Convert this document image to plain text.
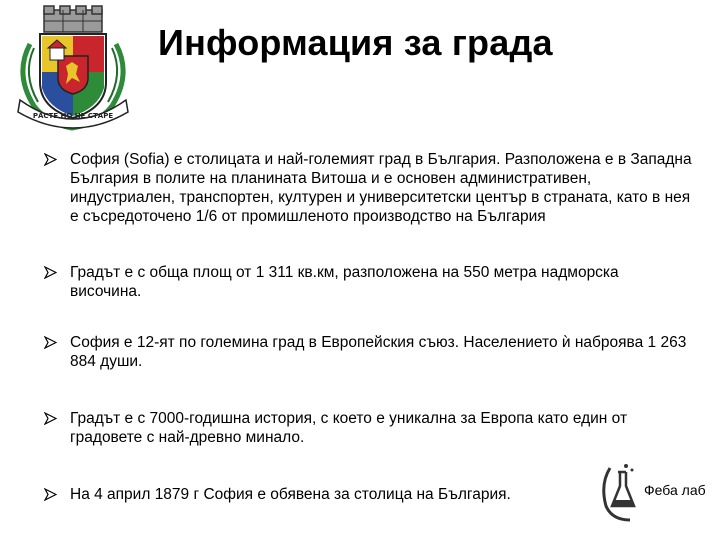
РАСТЕ НО НЕ СТАРЕ
Информация за града
София (Sofia) е столицата и най-големият град в България. Разположена е в Западна България в полите на планината Витоша и е основен административен, индустриален, транспортен, културен и университетски център в страната, като в нея е съсредоточено 1/6 от промишленото производство на България
Градът е с обща площ от 1 311 кв.км, разположена на 550 метра надморска височина.
София е 12-ят по големина град в Европейския съюз. Населението ѝ наброява 1 263 884 души.
Градът е с 7000-годишна история, с което е уникална за Европа като един от градовете с най-древно минало.
На 4 април 1879 г София е обявена за столица на България.	Феба лаб
